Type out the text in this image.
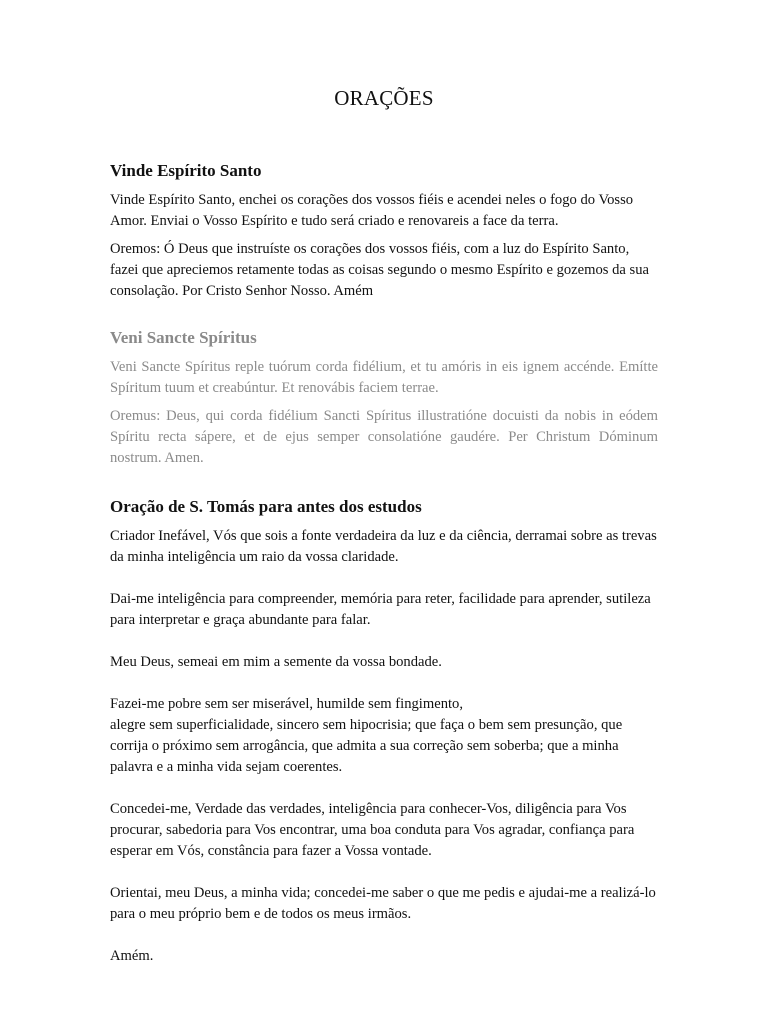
ORAÇÕES
Vinde Espírito Santo

Vinde Espírito Santo, enchei os corações dos vossos fiéis e acendei neles o fogo do Vosso Amor. Enviai o Vosso Espírito e tudo será criado e renovareis a face da terra.

Oremos: Ó Deus que instruíste os corações dos vossos fiéis, com a luz do Espírito Santo, fazei que apreciemos retamente todas as coisas segundo o mesmo Espírito e gozemos da sua consolação. Por Cristo Senhor Nosso. Amém

Veni Sancte Spíritus

Veni Sancte Spíritus reple tuórum corda fidélium, et tu amóris in eis ignem accénde. Emítte Spíritum tuum et creabúntur. Et renovábis faciem terrae.

Oremus: Deus, qui corda fidélium Sancti Spíritus illustratióne docuisti da nobis in eódem Spíritu recta sápere, et de ejus semper consolatióne gaudére. Per Christum Dóminum nostrum. Amen.

Oração de S. Tomás para antes dos estudos

Criador Inefável, Vós que sois a fonte verdadeira da luz e da ciência, derramai sobre as trevas da minha inteligência um raio da vossa claridade.

Dai-me inteligência para compreender, memória para reter, facilidade para aprender, sutileza para interpretar e graça abundante para falar.

Meu Deus, semeai em mim a semente da vossa bondade.

Fazei-me pobre sem ser miserável, humilde sem fingimento,

alegre sem superficialidade, sincero sem hipocrisia; que faça o bem sem presunção, que corrija o próximo sem arrogância, que admita a sua correção sem soberba; que a minha palavra e a minha vida sejam coerentes.

Concedei-me, Verdade das verdades, inteligência para conhecer-Vos, diligência para Vos procurar, sabedoria para Vos encontrar, uma boa conduta para Vos agradar, confiança para esperar em Vós, constância para fazer a Vossa vontade.

Orientai, meu Deus, a minha vida; concedei-me saber o que me pedis e ajudai-me a realizá-lo para o meu próprio bem e de todos os meus irmãos.

Amém.
